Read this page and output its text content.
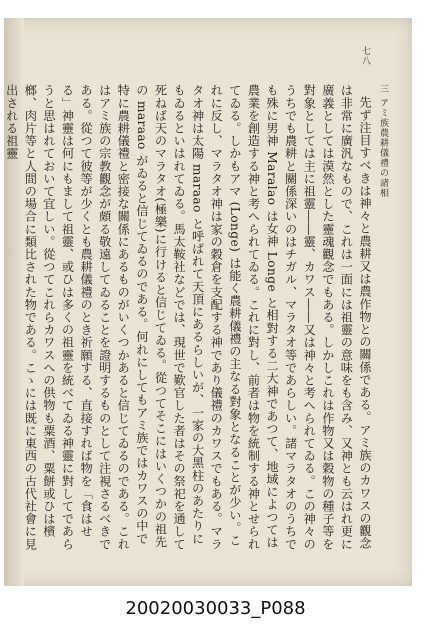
七八
三 アミ族農耕儀禮の諸相

先ず注目すべきは神々と農耕又は農作物との關係である。アミ族のカワスの觀念は非常に廣汎なもので、これは一面には祖靈の意味をも含み、又神とも云はれ更に廣義としては漠然とした靈魂觀念でもある。しかしこれは作物又は穀物の種子等を對象としては主に祖靈――靈、カワス――又は神々と考へられてゐる。この神々のうちでも農耕と關係深いのはチガル、マラタオ等であらしい。諸マラタオのうちでも殊に男神 Maralao は女神 Longe と相對する二大神であつて、地域によつては農業を創造する神と考へられてゐる。これに對し、前者は物を統制する神とせられてゐる。しかもアマ (Longe) は能く農耕儀禮の主なる對象となることが少い。これに反し、マラタオ神は家の穀倉を支配する神であり儀禮のカワスでもある。マラタオ神は太陽 maraao と呼ばれて天頂にあるらしいが、一家の大黑柱のあたりにもゐるといはれてゐる。馬太鞍社などでは、現世で歎官した者はその祭祀を通して死ねば天のマラタオ(極樂)に行けると信じてゐる。從つてそこにはいくつかの祖先の maraao がゐると信じてゐるのである。何れにしてもアミ族ではカワスの中で特に農耕儀禮と密接な關係にあるものがいくつかあると信じてゐるのである。これはアミ族の宗教觀念が頗る敬遠してゐることを證明するものとして注視さるべきである。從つて彼等が少くとも農耕儀禮のとき祈願する、直接すれば物を「食はせる」神靈は何にもまして祖靈、或ひは多くの祖靈を統べてゐる神靈に對してであらうと思はれておいて宜しい。從つてこれらカワスへの供物も粟酒、粟餅或ひは檳榔、肉片等と人間の場合に類比された物である。こゝには既に東西の古代社會に見出される祖靈

20020030033_P088
